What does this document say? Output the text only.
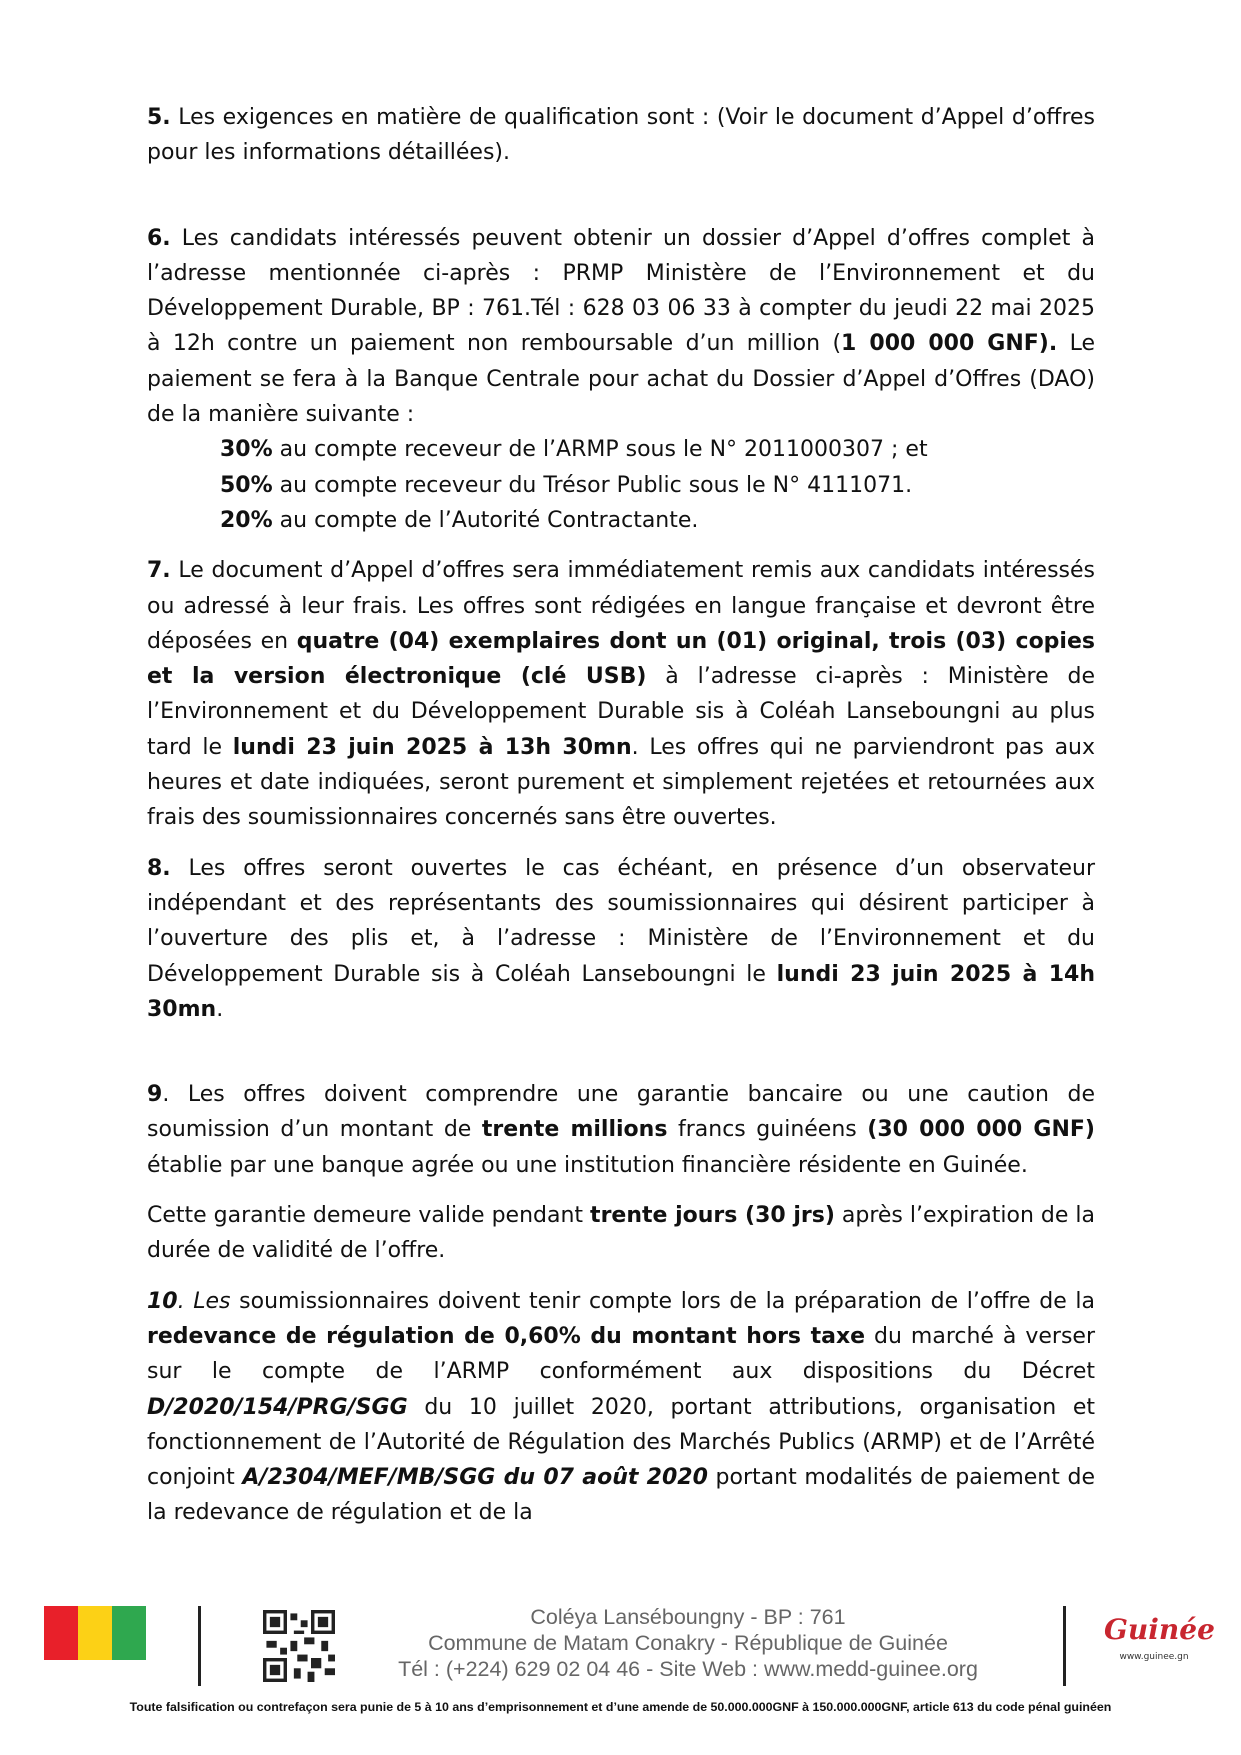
5. Les exigences en matière de qualification sont : (Voir le document d’Appel d’offres pour les informations détaillées).

6. Les candidats intéressés peuvent obtenir un dossier d’Appel d’offres complet à l’adresse mentionnée ci-après : PRMP Ministère de l’Environnement et du Développement Durable, BP : 761.Tél : 628 03 06 33 à compter du jeudi 22 mai 2025 à 12h contre un paiement non remboursable d’un million (1 000 000 GNF). Le paiement se fera à la Banque Centrale pour achat du Dossier d’Appel d’Offres (DAO) de la manière suivante :

30% au compte receveur de l’ARMP sous le N° 2011000307 ; et

50% au compte receveur du Trésor Public sous le N° 4111071.

20% au compte de l’Autorité Contractante.

7. Le document d’Appel d’offres sera immédiatement remis aux candidats intéressés ou adressé à leur frais. Les offres sont rédigées en langue française et devront être déposées en quatre (04) exemplaires dont un (01) original, trois (03) copies et la version électronique (clé USB) à l’adresse ci-après : Ministère de l’Environnement et du Développement Durable sis à Coléah Lanseboungni au plus tard le lundi 23 juin 2025 à 13h 30mn. Les offres qui ne parviendront pas aux heures et date indiquées, seront purement et simplement rejetées et retournées aux frais des soumissionnaires concernés sans être ouvertes.

8. Les offres seront ouvertes le cas échéant, en présence d’un observateur indépendant et des représentants des soumissionnaires qui désirent participer à l’ouverture des plis et, à l’adresse : Ministère de l’Environnement et du Développement Durable sis à Coléah Lanseboungni le lundi 23 juin 2025 à 14h 30mn.

9. Les offres doivent comprendre une garantie bancaire ou une caution de soumission d’un montant de trente millions francs guinéens (30 000 000 GNF) établie par une banque agrée ou une institution financière résidente en Guinée.

Cette garantie demeure valide pendant trente jours (30 jrs) après l’expiration de la durée de validité de l’offre.

10. Les soumissionnaires doivent tenir compte lors de la préparation de l’offre de la redevance de régulation de 0,60% du montant hors taxe du marché à verser sur le compte de l’ARMP conformément aux dispositions du Décret D/2020/154/PRG/SGG du 10 juillet 2020, portant attributions, organisation et fonctionnement de l’Autorité de Régulation des Marchés Publics (ARMP) et de l’Arrêté conjoint A/2304/MEF/MB/SGG du 07 août 2020 portant modalités de paiement de la redevance de régulation et de la

Coléya Lanséboungny - BP : 761
Commune de Matam Conakry - République de Guinée
Tél : (+224) 629 02 04 46 - Site Web : www.medd-guinee.org
Guinée
www.guinee.gn
Toute falsification ou contrefaçon sera punie de 5 à 10 ans d’emprisonnement et d’une amende de 50.000.000GNF à 150.000.000GNF, article 613 du code pénal guinéen
